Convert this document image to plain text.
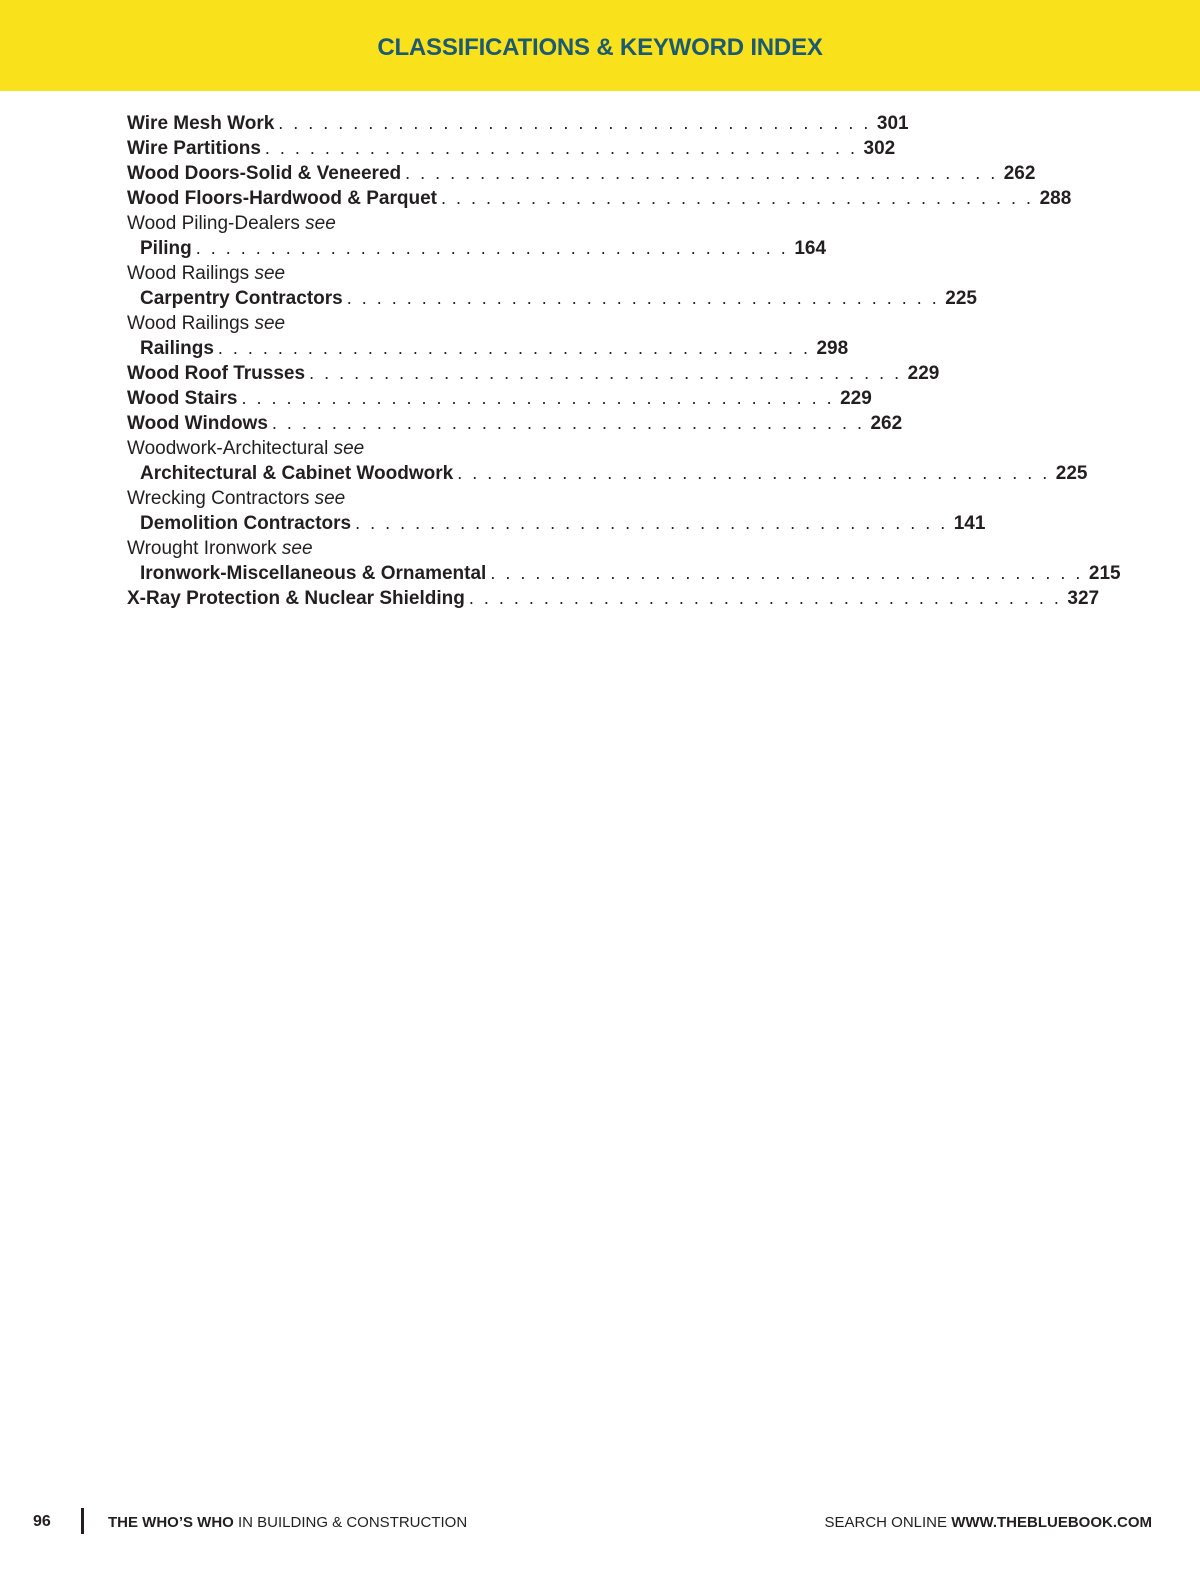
CLASSIFICATIONS & KEYWORD INDEX
Wire Mesh Work . . . . . . . . . . . . . . . . . . . . . . . . . . . . . . . . . . . . . . . . 301
Wire Partitions . . . . . . . . . . . . . . . . . . . . . . . . . . . . . . . . . . . . . . . . 302
Wood Doors-Solid & Veneered . . . . . . . . . . . . . . . . . . . . . . . . . . . . . . . . . . . . . . . . 262
Wood Floors-Hardwood & Parquet . . . . . . . . . . . . . . . . . . . . . . . . . . . . . . . . . . . . . . . . 288
Wood Piling-Dealers see
Piling . . . . . . . . . . . . . . . . . . . . . . . . . . . . . . . . . . . . . . . . 164
Wood Railings see
Carpentry Contractors . . . . . . . . . . . . . . . . . . . . . . . . . . . . . . . . . . . . . . . . 225
Wood Railings see
Railings . . . . . . . . . . . . . . . . . . . . . . . . . . . . . . . . . . . . . . . . 298
Wood Roof Trusses . . . . . . . . . . . . . . . . . . . . . . . . . . . . . . . . . . . . . . . . 229
Wood Stairs . . . . . . . . . . . . . . . . . . . . . . . . . . . . . . . . . . . . . . . . 229
Wood Windows . . . . . . . . . . . . . . . . . . . . . . . . . . . . . . . . . . . . . . . . 262
Woodwork-Architectural see
Architectural & Cabinet Woodwork . . . . . . . . . . . . . . . . . . . . . . . . . . . . . . . . . . . . . . . . 225
Wrecking Contractors see
Demolition Contractors . . . . . . . . . . . . . . . . . . . . . . . . . . . . . . . . . . . . . . . . 141
Wrought Ironwork see
Ironwork-Miscellaneous & Ornamental . . . . . . . . . . . . . . . . . . . . . . . . . . . . . . . . . . . . . . . . 215
X-Ray Protection & Nuclear Shielding . . . . . . . . . . . . . . . . . . . . . . . . . . . . . . . . . . . . . . . . 327
96	THE WHO’S WHO IN BUILDING & CONSTRUCTION	SEARCH ONLINE WWW.THEBLUEBOOK.COM
